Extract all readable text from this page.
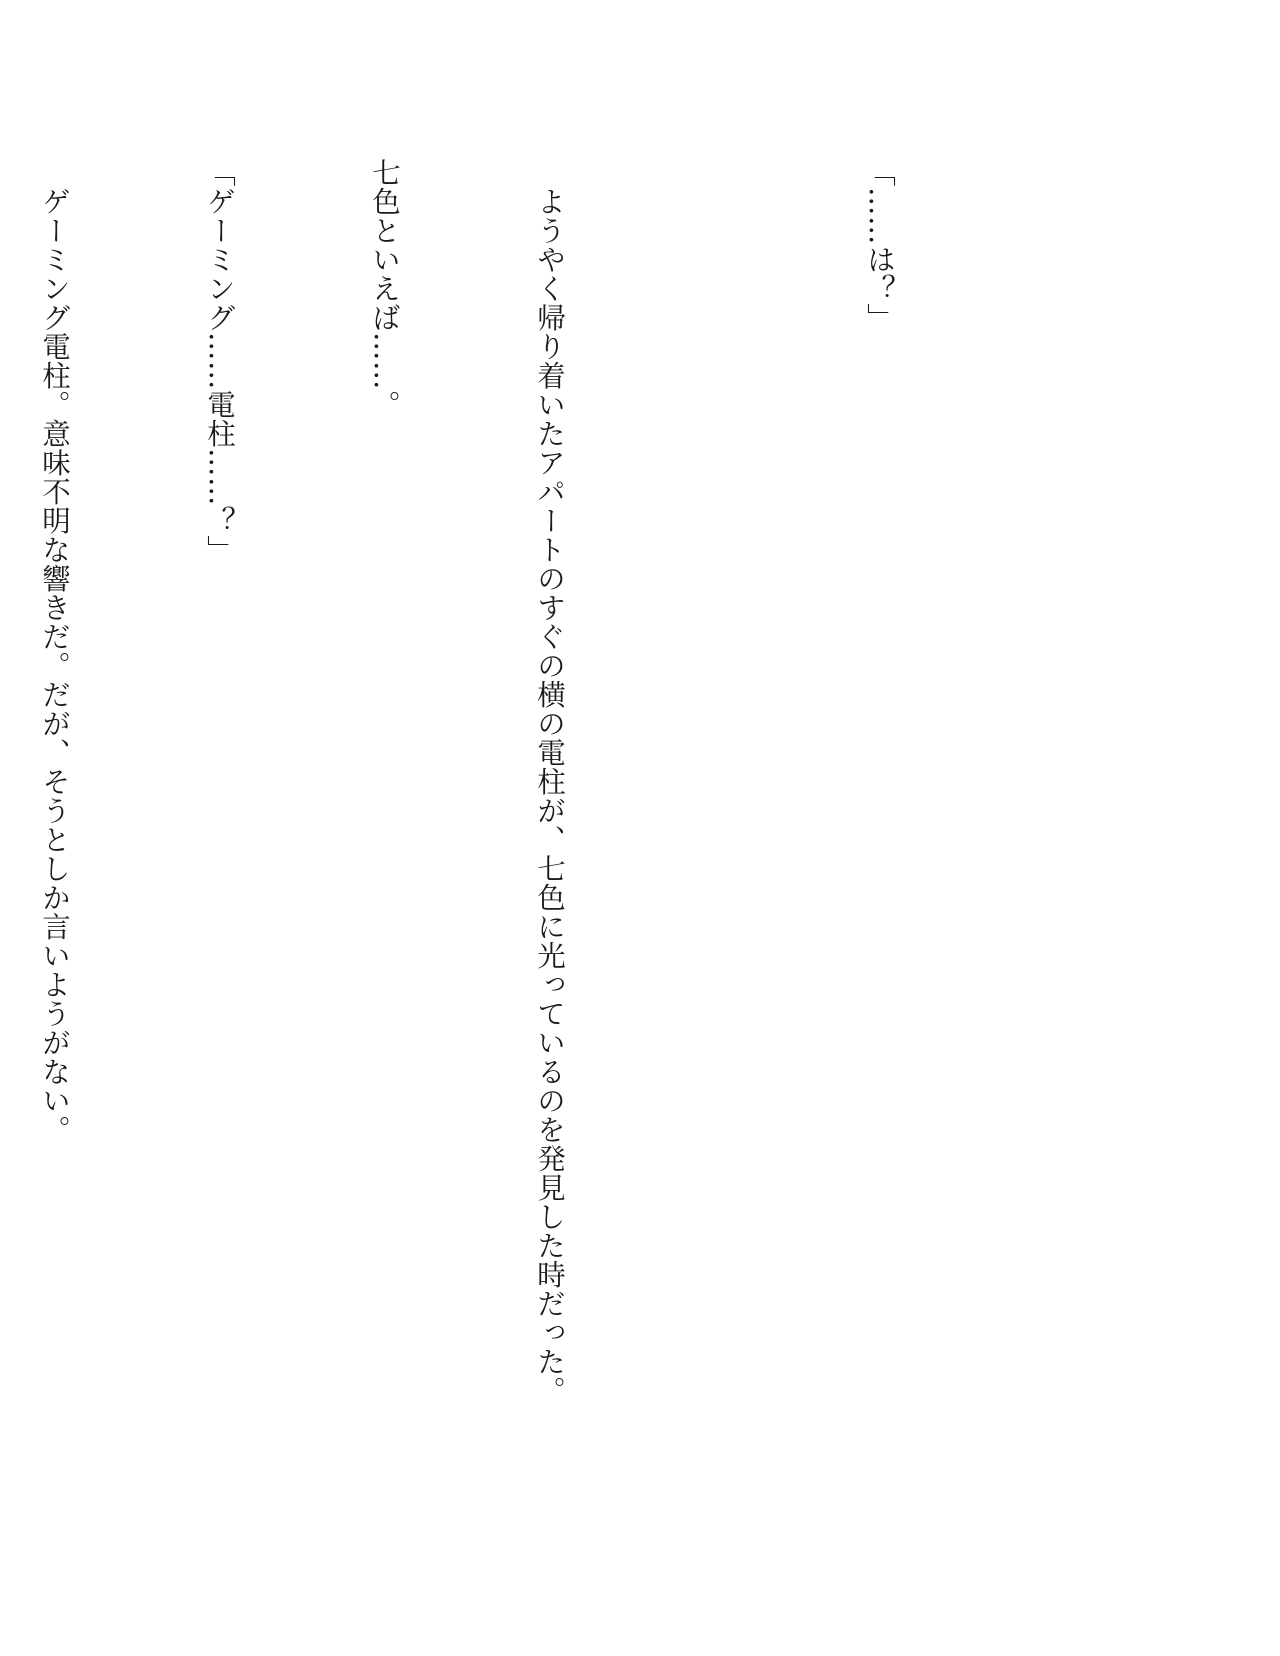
「……は？」

　ようやく帰り着いたアパートのすぐの横の電柱が、七色に光っているのを発見した時だった。

七色といえば……。

「ゲーミング……電柱……？」

　ゲーミング電柱。意味不明な響きだ。だが、そうとしか言いようがない。
